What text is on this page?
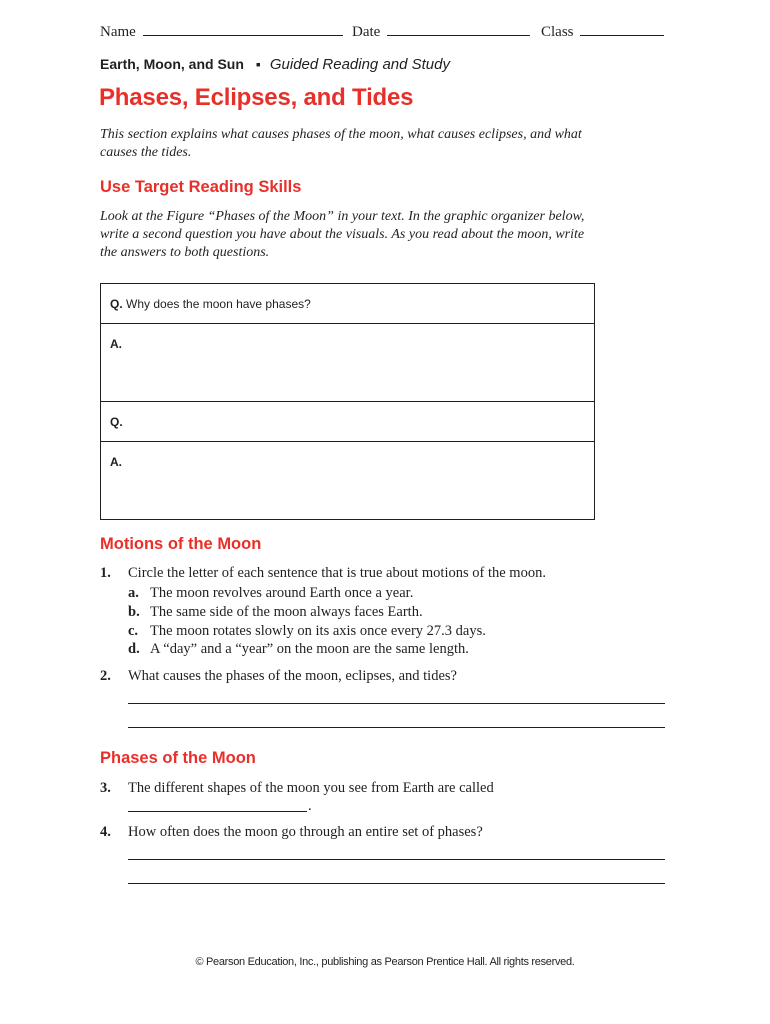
Name	Date	Class
Earth, Moon, and Sun ▪ Guided Reading and Study
Phases, Eclipses, and Tides
This section explains what causes phases of the moon, what causes eclipses, and what causes the tides.
Use Target Reading Skills
Look at the Figure “Phases of the Moon” in your text. In the graphic organizer below, write a second question you have about the visuals. As you read about the moon, write the answers to both questions.
Q. Why does the moon have phases?
A.
Q.
A.
Motions of the Moon
1. Circle the letter of each sentence that is true about motions of the moon.
a. The moon revolves around Earth once a year.
b. The same side of the moon always faces Earth.
c. The moon rotates slowly on its axis once every 27.3 days.
d. A “day” and a “year” on the moon are the same length.
2. What causes the phases of the moon, eclipses, and tides?
Phases of the Moon
3. The different shapes of the moon you see from Earth are called
.
4. How often does the moon go through an entire set of phases?
© Pearson Education, Inc., publishing as Pearson Prentice Hall. All rights reserved.
